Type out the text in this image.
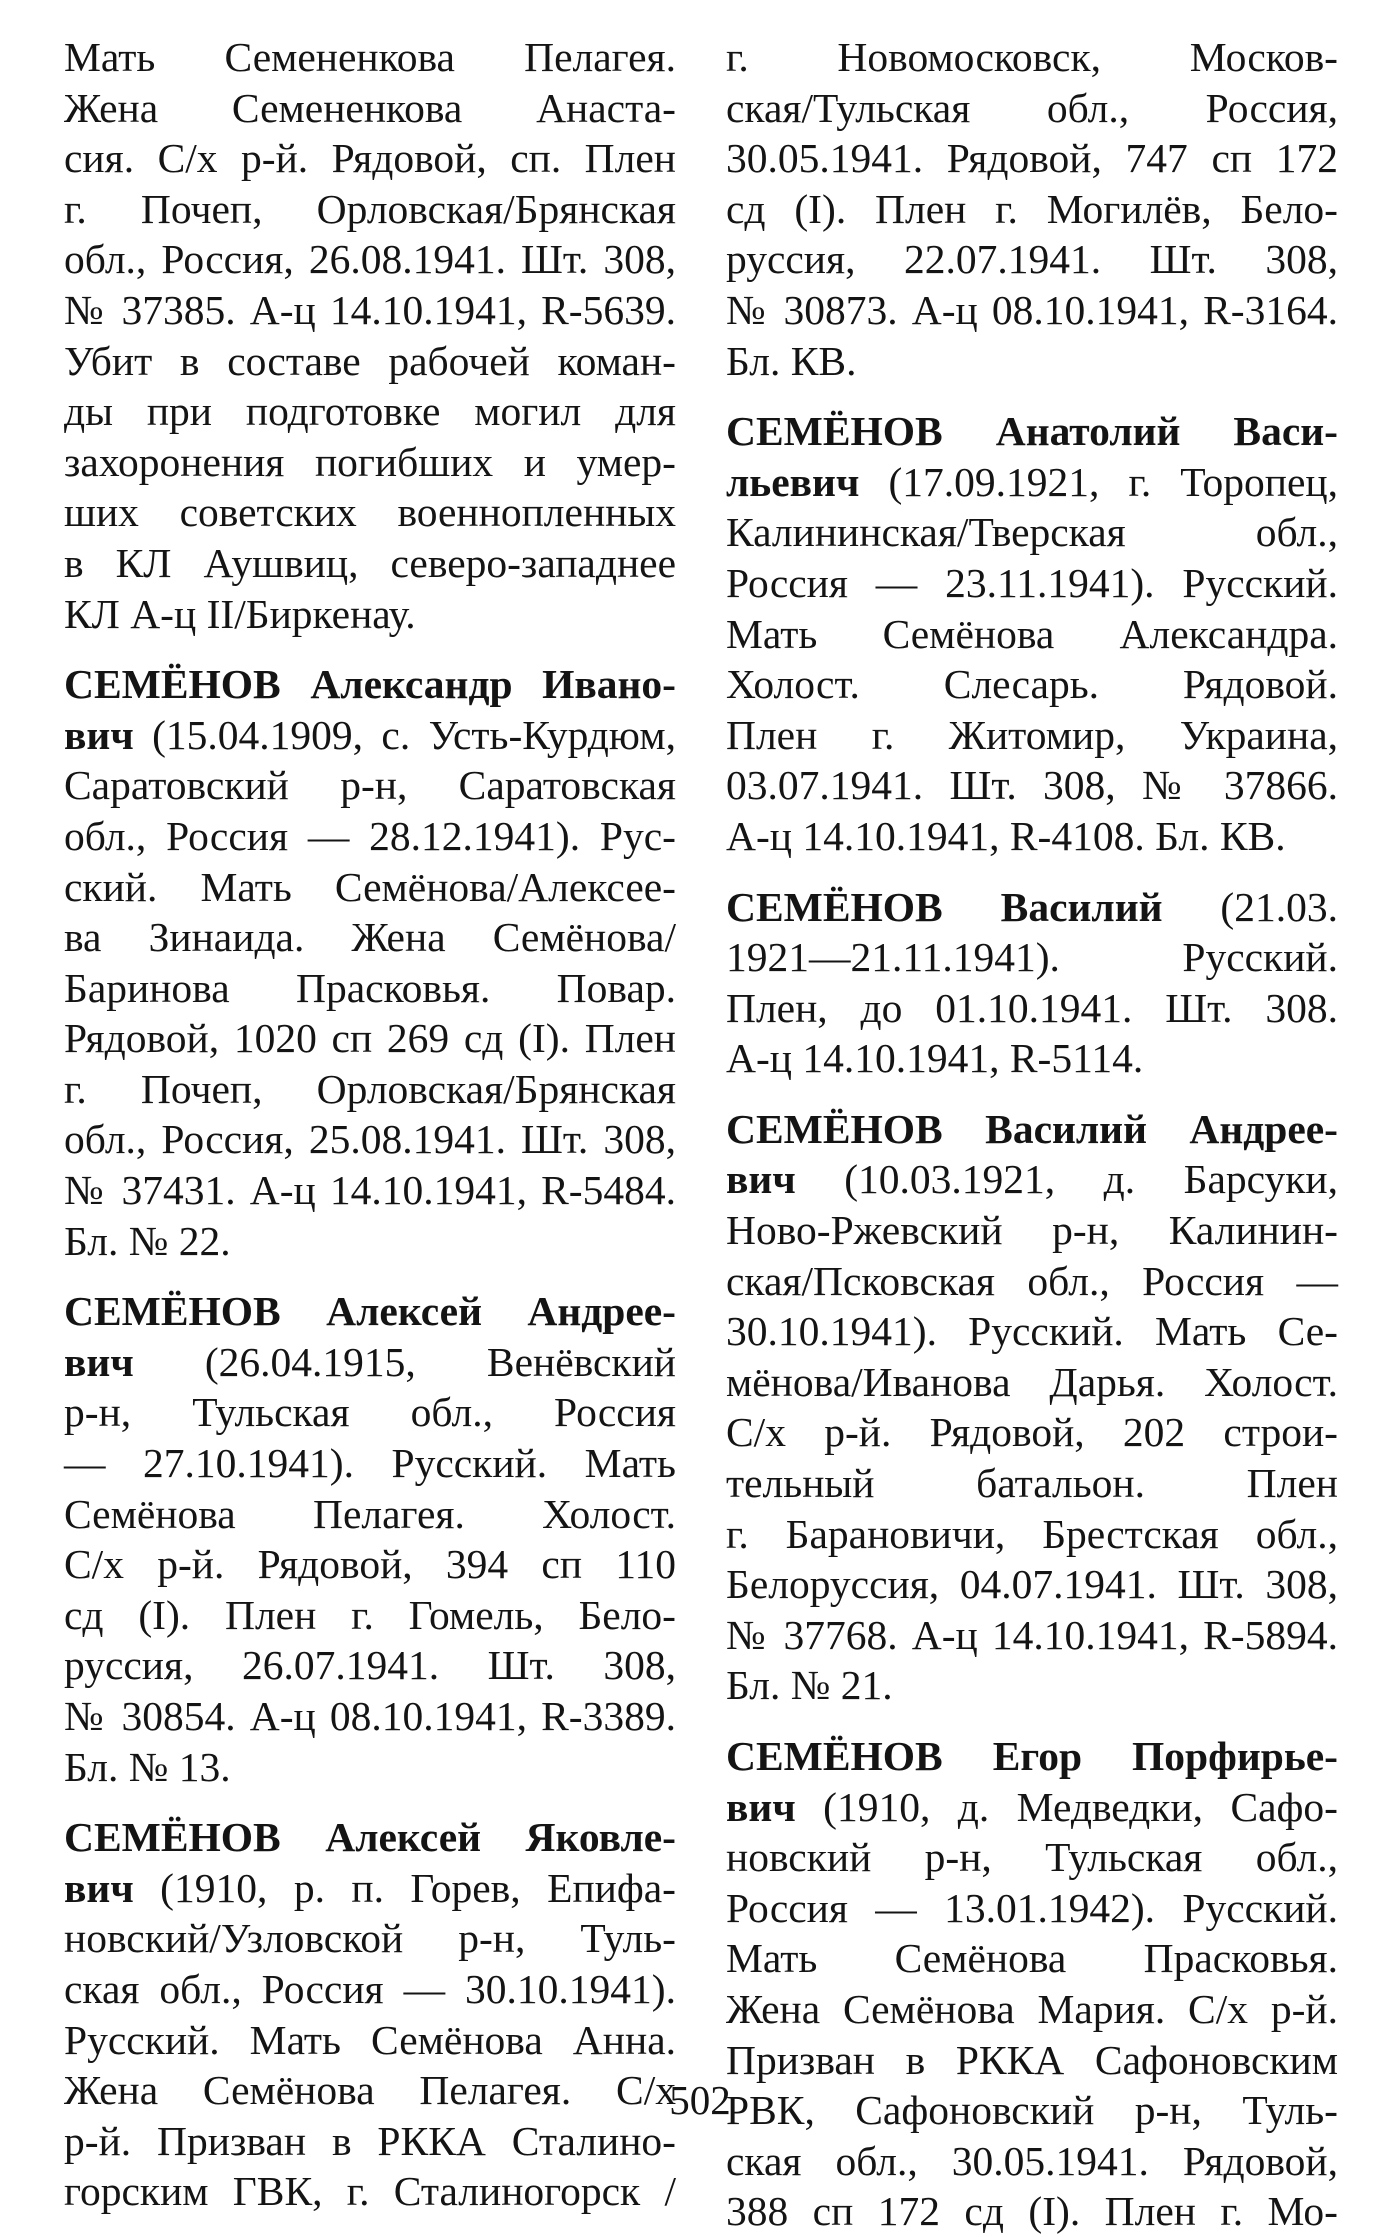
Мать Семененкова Пелагея.
Жена Семененкова Анаста-
сия. С/х р-й. Рядовой, сп. Плен
г. Почеп, Орловская/Брянская
обл., Россия, 26.08.1941. Шт. 308,
№ 37385. А-ц 14.10.1941, R-5639.
Убит в составе рабочей коман-
ды при подготовке могил для
захоронения погибших и умер-
ших советских военнопленных
в КЛ Аушвиц, северо-западнее
КЛ А-ц II/Биркенау.
СЕМЁНОВ Александр Ивано-
вич (15.04.1909, с. Усть-Курдюм,
Саратовский р-н, Саратовская
обл., Россия — 28.12.1941). Рус-
ский. Мать Семёнова/Алексее-
ва Зинаида. Жена Семёнова/
Баринова Прасковья. Повар.
Рядовой, 1020 сп 269 сд (I). Плен
г. Почеп, Орловская/Брянская
обл., Россия, 25.08.1941. Шт. 308,
№ 37431. А-ц 14.10.1941, R-5484.
Бл. № 22.
СЕМЁНОВ Алексей Андрее-
вич (26.04.1915, Венёвский
р-н, Тульская обл., Россия
— 27.10.1941). Русский. Мать
Семёнова Пелагея. Холост.
С/х р-й. Рядовой, 394 сп 110
сд (I). Плен г. Гомель, Бело-
руссия, 26.07.1941. Шт. 308,
№ 30854. А-ц 08.10.1941, R-3389.
Бл. № 13.
СЕМЁНОВ Алексей Яковле-
вич (1910, р. п. Горев, Епифа-
новский/Узловской р-н, Туль-
ская обл., Россия — 30.10.1941).
Русский. Мать Семёнова Анна.
Жена Семёнова Пелагея. С/х
р-й. Призван в РККА Сталино-
горским ГВК, г. Сталиногорск /
г. Новомосковск, Москов-
ская/Тульская обл., Россия,
30.05.1941. Рядовой, 747 сп 172
сд (I). Плен г. Могилёв, Бело-
руссия, 22.07.1941. Шт. 308,
№ 30873. А-ц 08.10.1941, R-3164.
Бл. КВ.
СЕМЁНОВ Анатолий Васи-
льевич (17.09.1921, г. Торопец,
Калининская/Тверская обл.,
Россия — 23.11.1941). Русский.
Мать Семёнова Александра.
Холост. Слесарь. Рядовой.
Плен г. Житомир, Украина,
03.07.1941. Шт. 308, № 37866.
А-ц 14.10.1941, R-4108. Бл. КВ.
СЕМЁНОВ Василий (21.03.
1921—21.11.1941). Русский.
Плен, до 01.10.1941. Шт. 308.
А-ц 14.10.1941, R-5114.
СЕМЁНОВ Василий Андрее-
вич (10.03.1921, д. Барсуки,
Ново-Ржевский р-н, Калинин-
ская/Псковская обл., Россия —
30.10.1941). Русский. Мать Се-
мёнова/Иванова Дарья. Холост.
С/х р-й. Рядовой, 202 строи-
тельный батальон. Плен
г. Барановичи, Брестская обл.,
Белоруссия, 04.07.1941. Шт. 308,
№ 37768. А-ц 14.10.1941, R-5894.
Бл. № 21.
СЕМЁНОВ Егор Порфирье-
вич (1910, д. Медведки, Сафо-
новский р-н, Тульская обл.,
Россия — 13.01.1942). Русский.
Мать Семёнова Прасковья.
Жена Семёнова Мария. С/х р-й.
Призван в РККА Сафоновским
РВК, Сафоновский р-н, Туль-
ская обл., 30.05.1941. Рядовой,
388 сп 172 сд (I). Плен г. Мо-
502
